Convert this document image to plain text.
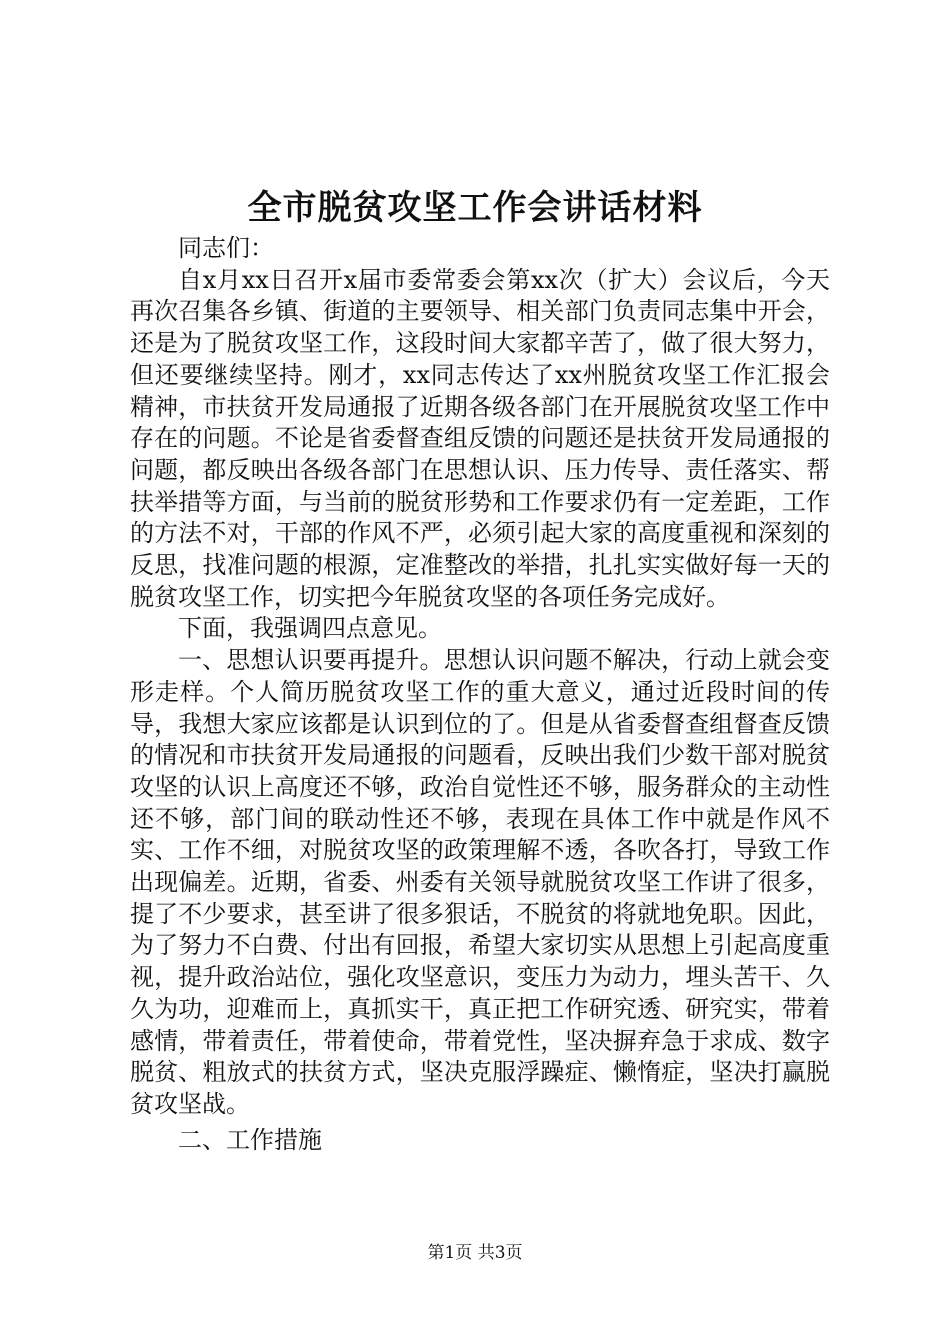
全市脱贫攻坚工作会讲话材料

同志们：

自x月xx日召开x届市委常委会第xx次（扩大）会议后，今天再次召集各乡镇、街道的主要领导、相关部门负责同志集中开会，还是为了脱贫攻坚工作，这段时间大家都辛苦了，做了很大努力，但还要继续坚持。刚才，xx同志传达了xx州脱贫攻坚工作汇报会精神，市扶贫开发局通报了近期各级各部门在开展脱贫攻坚工作中存在的问题。不论是省委督查组反馈的问题还是扶贫开发局通报的问题，都反映出各级各部门在思想认识、压力传导、责任落实、帮扶举措等方面，与当前的脱贫形势和工作要求仍有一定差距，工作的方法不对，干部的作风不严，必须引起大家的高度重视和深刻的反思，找准问题的根源，定准整改的举措，扎扎实实做好每一天的脱贫攻坚工作，切实把今年脱贫攻坚的各项任务完成好。

下面，我强调四点意见。

一、思想认识要再提升。思想认识问题不解决，行动上就会变形走样。个人简历脱贫攻坚工作的重大意义，通过近段时间的传导，我想大家应该都是认识到位的了。但是从省委督查组督查反馈的情况和市扶贫开发局通报的问题看，反映出我们少数干部对脱贫攻坚的认识上高度还不够，政治自觉性还不够，服务群众的主动性还不够，部门间的联动性还不够，表现在具体工作中就是作风不实、工作不细，对脱贫攻坚的政策理解不透，各吹各打，导致工作出现偏差。近期，省委、州委有关领导就脱贫攻坚工作讲了很多，提了不少要求，甚至讲了很多狠话，不脱贫的将就地免职。因此，为了努力不白费、付出有回报，希望大家切实从思想上引起高度重视，提升政治站位，强化攻坚意识，变压力为动力，埋头苦干、久久为功，迎难而上，真抓实干，真正把工作研究透、研究实，带着感情，带着责任，带着使命，带着党性，坚决摒弃急于求成、数字脱贫、粗放式的扶贫方式，坚决克服浮躁症、懒惰症，坚决打赢脱贫攻坚战。

二、工作措施
第1页 共3页
